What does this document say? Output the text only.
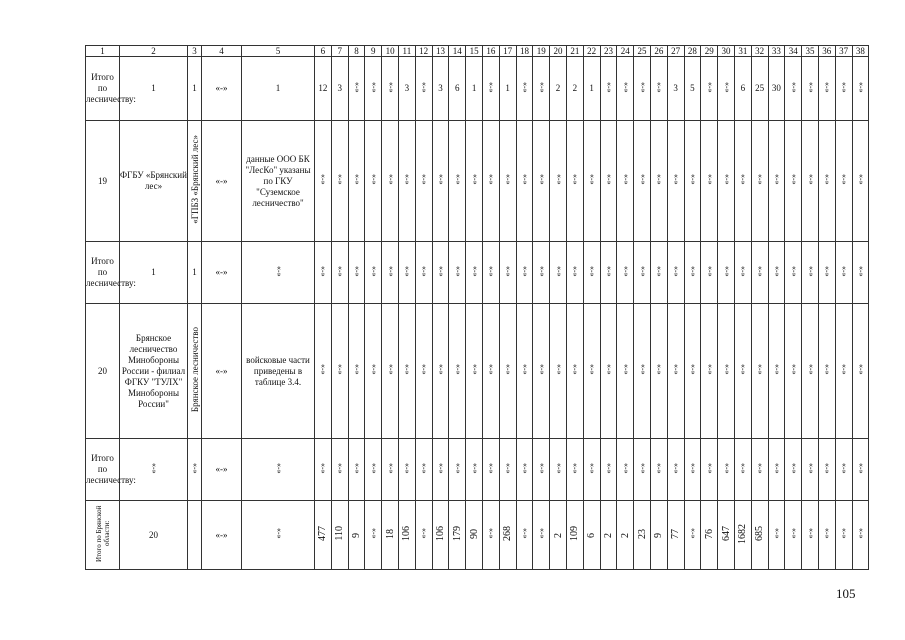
1	2	3	4	5	6	7	8	9	10	11	12	13	14	15	16	17	18	19	20	21	22	23	24	25	26	27	28	29	30	31	32	33	34	35	36	37	38
Итого по лесничеству:	1	1	«-»	1	12	3	«-»	«-»	«-»	3	«-»	3	6	1	«-»	1	«-»	«-»	2	2	1	«-»	«-»	«-»	«-»	3	5	«-»	«-»	6	25	30	«-»	«-»	«-»	«-»	«-»
19	ФГБУ «Брянский лес»	«ГПБЗ «Брянский лес»	«-»	данные ООО БК "ЛесКо" указаны по ГКУ "Суземское лесничество"	«-»	«-»	«-»	«-»	«-»	«-»	«-»	«-»	«-»	«-»	«-»	«-»	«-»	«-»	«-»	«-»	«-»	«-»	«-»	«-»	«-»	«-»	«-»	«-»	«-»	«-»	«-»	«-»	«-»	«-»	«-»	«-»	«-»
Итого по лесничеству:	1	1	«-»	«-»	«-»	«-»	«-»	«-»	«-»	«-»	«-»	«-»	«-»	«-»	«-»	«-»	«-»	«-»	«-»	«-»	«-»	«-»	«-»	«-»	«-»	«-»	«-»	«-»	«-»	«-»	«-»	«-»	«-»	«-»	«-»	«-»	«-»
20	Брянское лесничество Минобороны России - филиал ФГКУ "ТУЛХ" Минобороны России"	Брянское лесничество	«-»	войсковые части приведены в таблице 3.4.	«-»	«-»	«-»	«-»	«-»	«-»	«-»	«-»	«-»	«-»	«-»	«-»	«-»	«-»	«-»	«-»	«-»	«-»	«-»	«-»	«-»	«-»	«-»	«-»	«-»	«-»	«-»	«-»	«-»	«-»	«-»	«-»	«-»
Итого по лесничеству:	«-»	«-»	«-»	«-»	«-»	«-»	«-»	«-»	«-»	«-»	«-»	«-»	«-»	«-»	«-»	«-»	«-»	«-»	«-»	«-»	«-»	«-»	«-»	«-»	«-»	«-»	«-»	«-»	«-»	«-»	«-»	«-»	«-»	«-»	«-»	«-»	«-»
Итого по Брянской области:	20		«-»	«-»	477	110	9	«-»	18	106	«-»	106	179	90	«-»	268	«-»	«-»	2	109	6	2	2	23	9	77	«-»	76	647	1682	685	«-»	«-»	«-»	«-»	«-»	«-»
105
